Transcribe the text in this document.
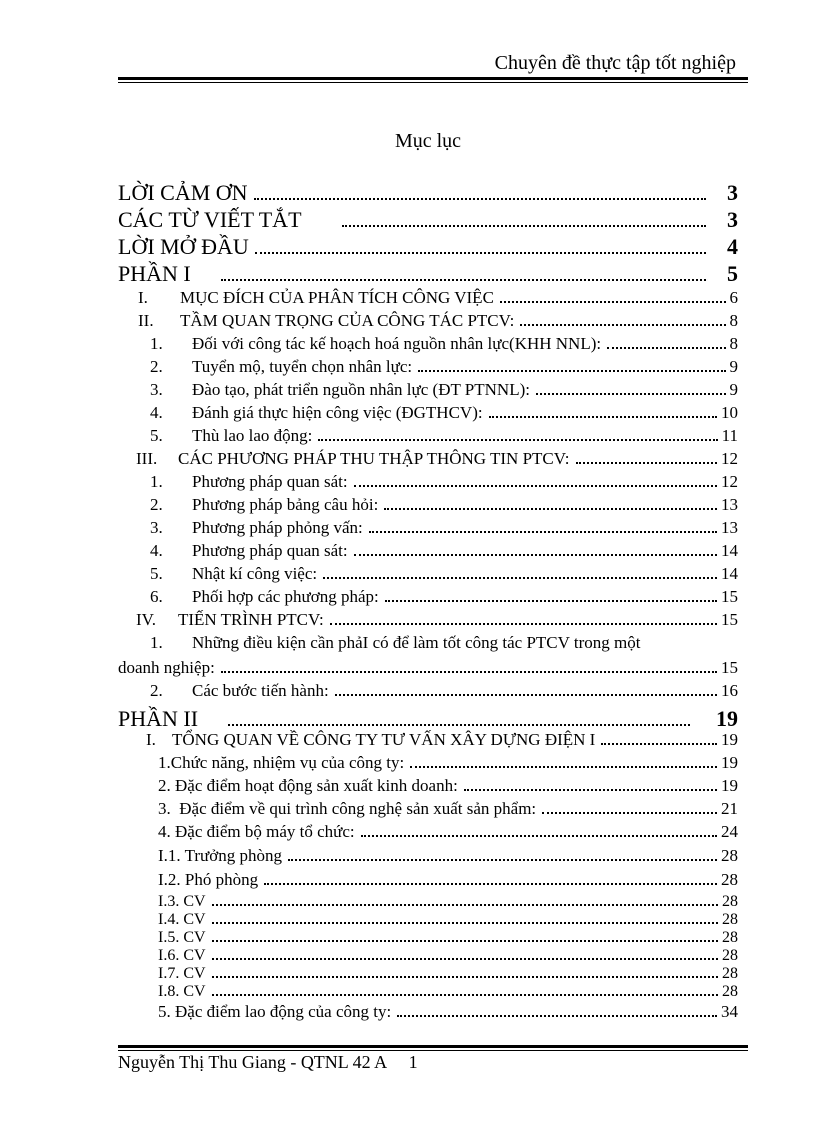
Chuyên đề thực tập tốt nghiệp
Mục lục
LỜI CẢM ƠN	3
CÁC TỪ VIẾT TẮT	3
LỜI MỞ ĐẦU	4
PHẦN I	5
I.	MỤC ĐÍCH CỦA PHÂN TÍCH CÔNG VIỆC	6
II.	TẦM QUAN TRỌNG CỦA CÔNG TÁC PTCV:	8
1.	Đối với công tác kế hoạch hoá nguồn nhân lực(KHH NNL):	8
2.	Tuyển mộ, tuyển chọn nhân lực:	9
3.	Đào tạo, phát triển nguồn nhân lực (ĐT PTNNL):	9
4.	Đánh giá thực hiện công việc (ĐGTHCV):	10
5.	Thù lao lao động:	11
III.	CÁC PHƯƠNG PHÁP THU THẬP THÔNG TIN PTCV:	12
1.	Phương pháp quan sát:	12
2.	Phương pháp bảng câu hỏi:	13
3.	Phương pháp phỏng vấn:	13
4.	Phương pháp quan sát:	14
5.	Nhật kí công việc:	14
6.	Phối hợp các phương pháp:	15
IV.	TIẾN TRÌNH PTCV:	15
1.	Những điều kiện cần phảI có để làm tốt công tác PTCV trong một
doanh nghiệp:	15
2.	Các bước tiến hành:	16
PHẦN II	19
I. TỔNG QUAN VỀ CÔNG TY TƯ VẤN XÂY DỰNG ĐIỆN I	19
1.Chức năng, nhiệm vụ của công ty:	19
2. Đặc điểm hoạt động sản xuất kinh doanh:	19
3.  Đặc điểm về qui trình công nghệ sản xuất sản phẩm:	21
4. Đặc điểm bộ máy tổ chức:	24
I.1. Trưởng phòng	28
I.2. Phó phòng	28
I.3. CV	28
I.4. CV	28
I.5. CV	28
I.6. CV	28
I.7. CV	28
I.8. CV	28
5. Đặc điểm lao động của công ty:	34
Nguyễn Thị Thu Giang - QTNL 42 A 1
